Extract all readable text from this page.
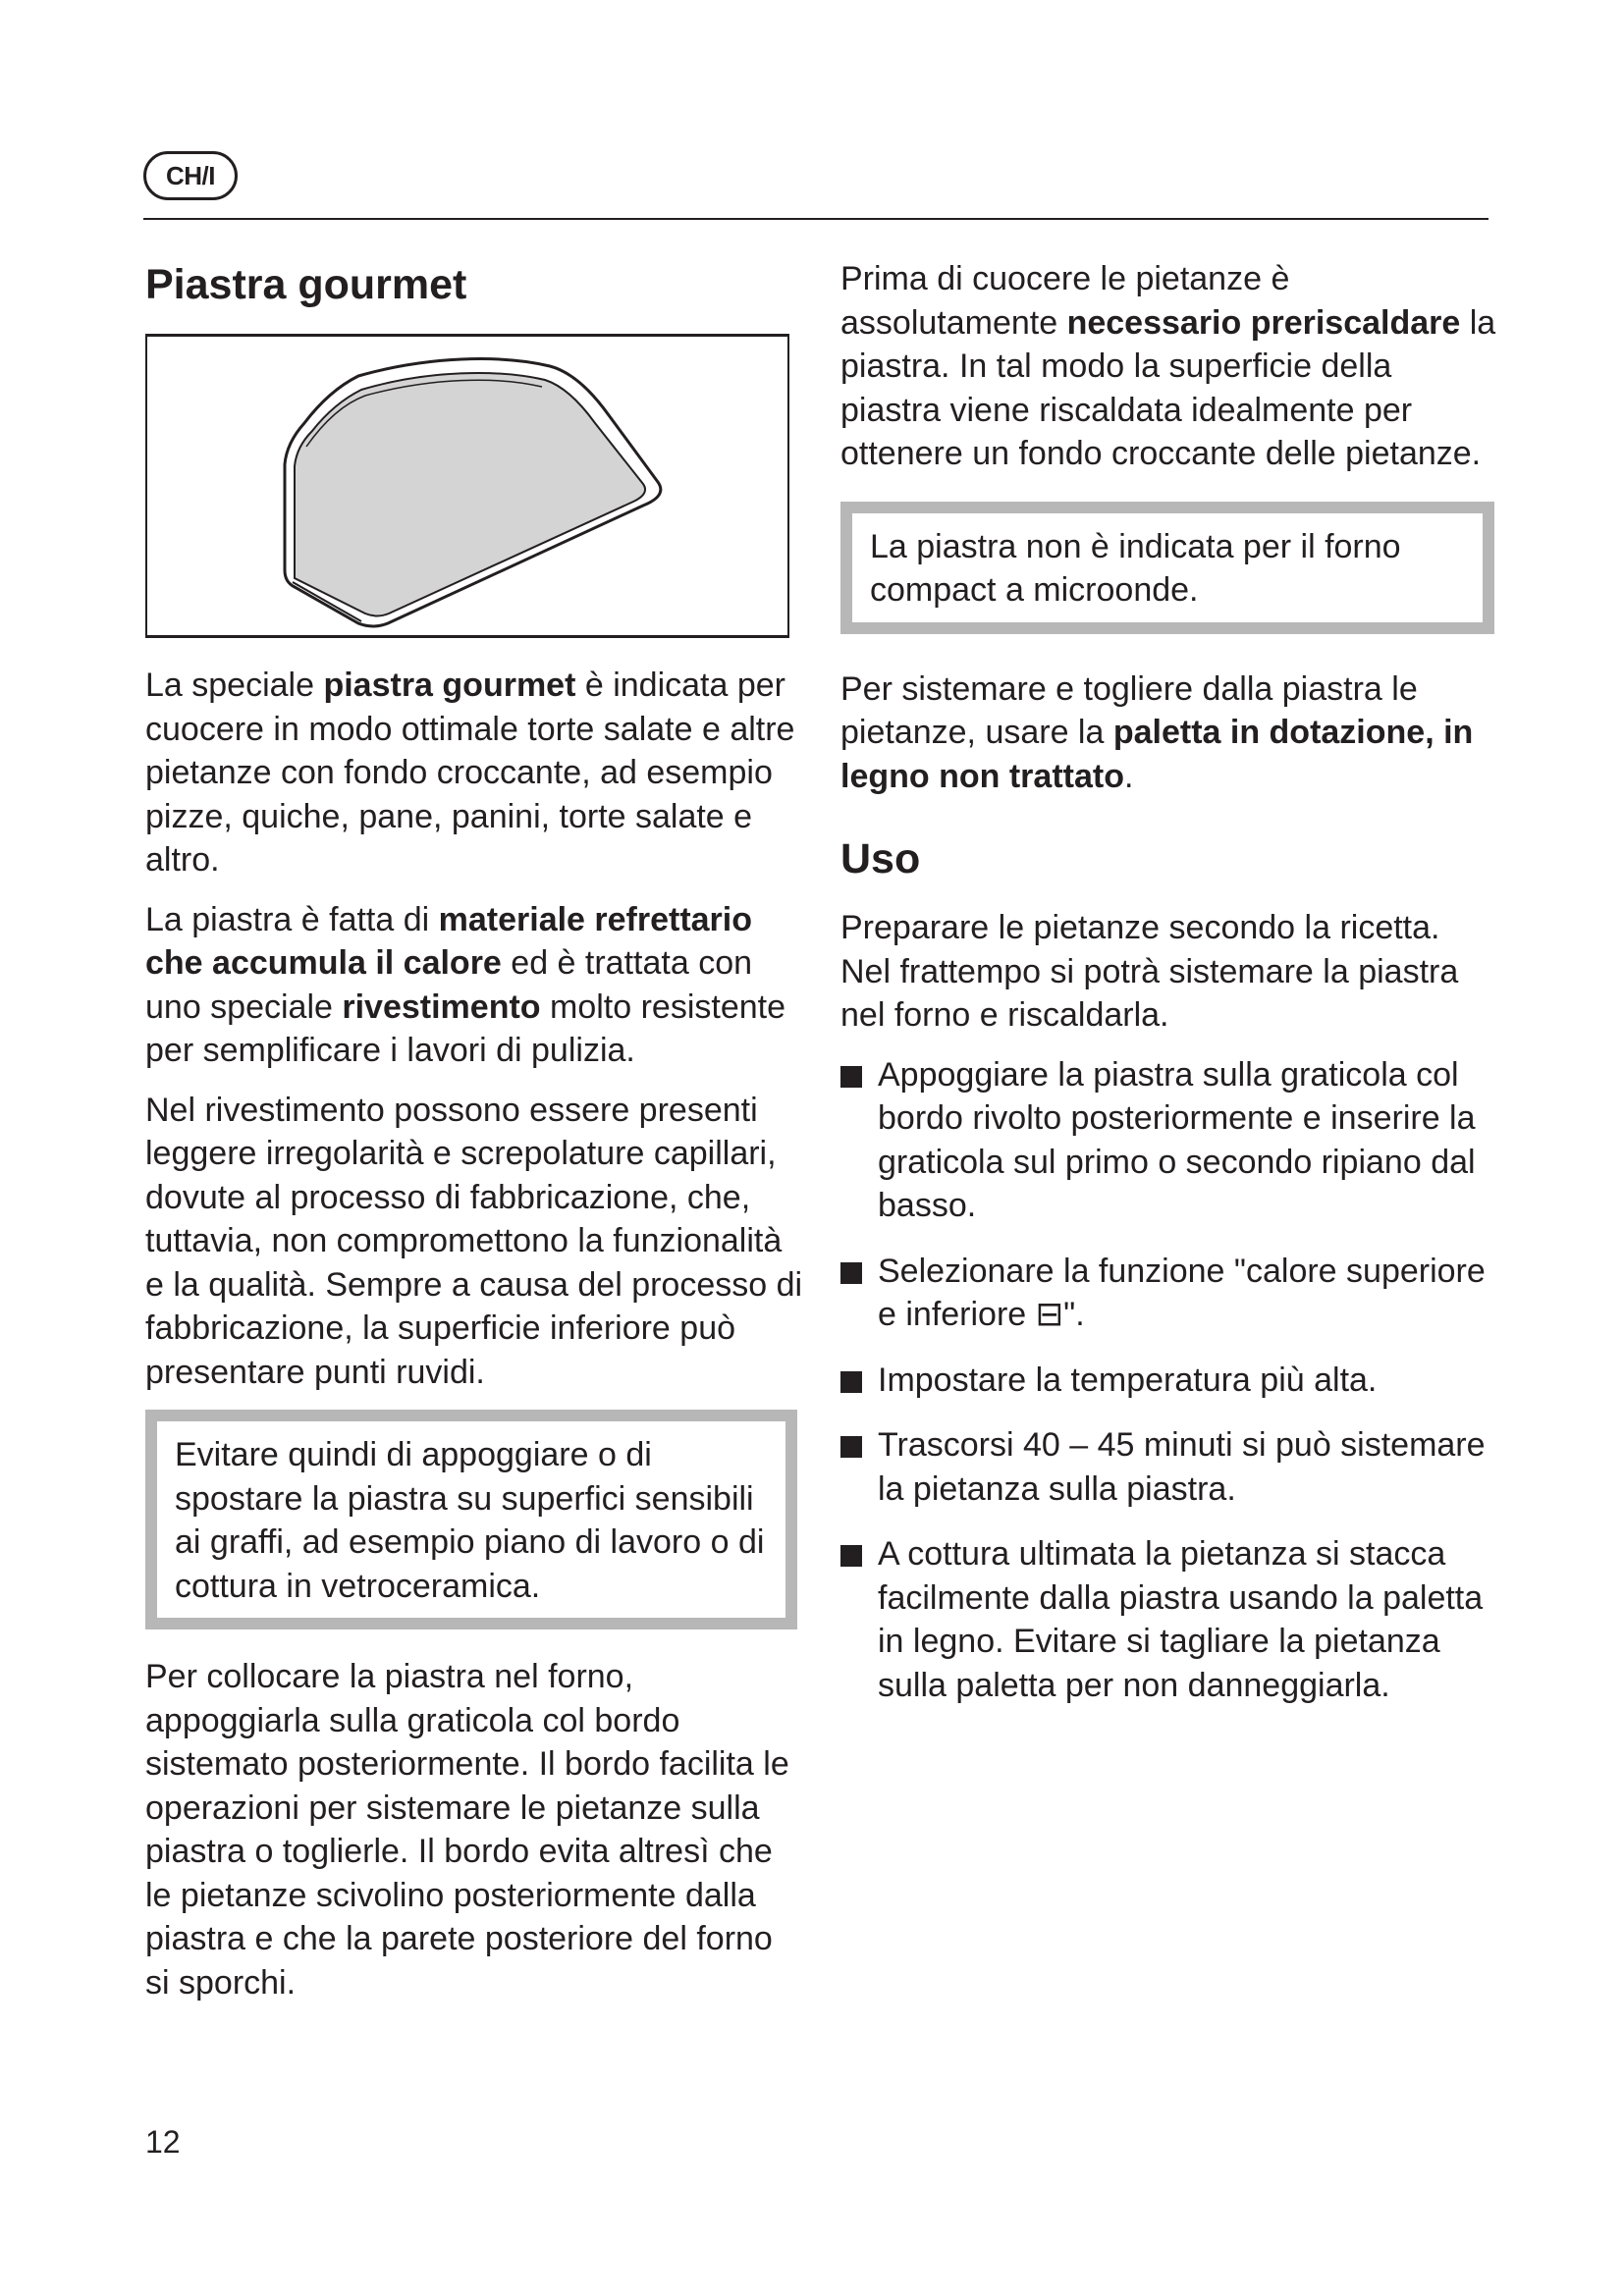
CH/I
Piastra gourmet

La speciale piastra gourmet è indicata per cuocere in modo ottimale torte salate e altre pietanze con fondo croccante, ad esempio pizze, quiche, pane, panini, torte salate e altro.

La piastra è fatta di materiale refrettario che accumula il calore ed è trattata con uno speciale rivestimento molto resistente per semplificare i lavori di pulizia.

Nel rivestimento possono essere presenti leggere irregolarità e screpolature capillari, dovute al processo di fabbricazione, che, tuttavia, non compromettono la funzionalità e la qualità. Sempre a causa del processo di fabbricazione, la superficie inferiore può presentare punti ruvidi.

Evitare quindi di appoggiare o di spostare la piastra su superfici sensibili ai graffi, ad esempio piano di lavoro o di cottura in vetroceramica.

Per collocare la piastra nel forno, appoggiarla sulla graticola col bordo sistemato posteriormente. Il bordo facilita le operazioni per sistemare le pietanze sulla piastra o toglierle. Il bordo evita altresì che le pietanze scivolino posteriormente dalla piastra e che la parete posteriore del forno si sporchi.

Prima di cuocere le pietanze è assolutamente necessario preriscaldare la piastra. In tal modo la superficie della piastra viene riscaldata idealmente per ottenere un fondo croccante delle pietanze.

La piastra non è indicata per il forno compact a microonde.

Per sistemare e togliere dalla piastra le pietanze, usare la paletta in dotazione, in legno non trattato.

Uso

Preparare le pietanze secondo la ricetta. Nel frattempo si potrà sistemare la piastra nel forno e riscaldarla.

Appoggiare la piastra sulla graticola col bordo rivolto posteriormente e inserire la graticola sul primo o secondo ripiano dal basso.
Selezionare la funzione "calore superiore e inferiore ⊟".
Impostare la temperatura più alta.
Trascorsi 40 – 45 minuti si può sistemare la pietanza sulla piastra.
A cottura ultimata la pietanza si stacca facilmente dalla piastra usando la paletta in legno. Evitare si tagliare la pietanza sulla paletta per non danneggiarla.
12
